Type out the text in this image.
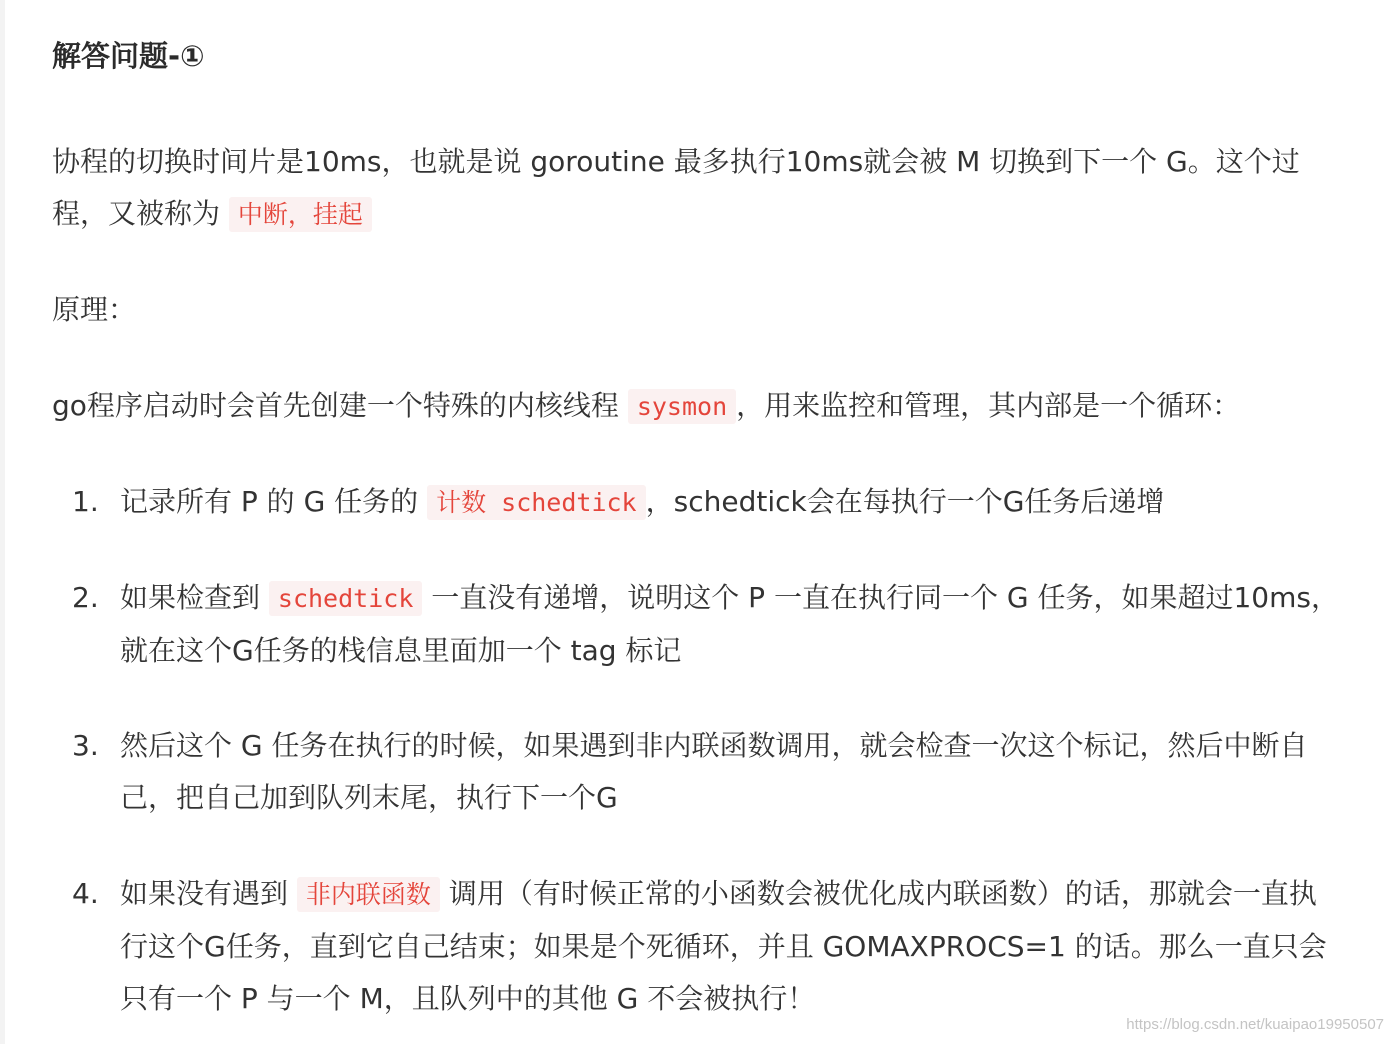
解答问题-①

协程的切换时间片是10ms，也就是说 goroutine 最多执行10ms就会被 M 切换到下一个 G。这个过程，又被称为 中断，挂起

原理：

go程序启动时会首先创建一个特殊的内核线程 sysmon ，用来监控和管理，其内部是一个循环：

1. 记录所有 P 的 G 任务的 计数 schedtick ，schedtick会在每执行一个G任务后递增
2. 如果检查到 schedtick 一直没有递增，说明这个 P 一直在执行同一个 G 任务，如果超过10ms，就在这个G任务的栈信息里面加一个 tag 标记
3. 然后这个 G 任务在执行的时候，如果遇到非内联函数调用，就会检查一次这个标记，然后中断自己，把自己加到队列末尾，执行下一个G
4. 如果没有遇到 非内联函数 调用（有时候正常的小函数会被优化成内联函数）的话，那就会一直执行这个G任务，直到它自己结束；如果是个死循环，并且 GOMAXPROCS=1 的话。那么一直只会只有一个 P 与一个 M，且队列中的其他 G 不会被执行！
https://blog.csdn.net/kuaipao19950507
